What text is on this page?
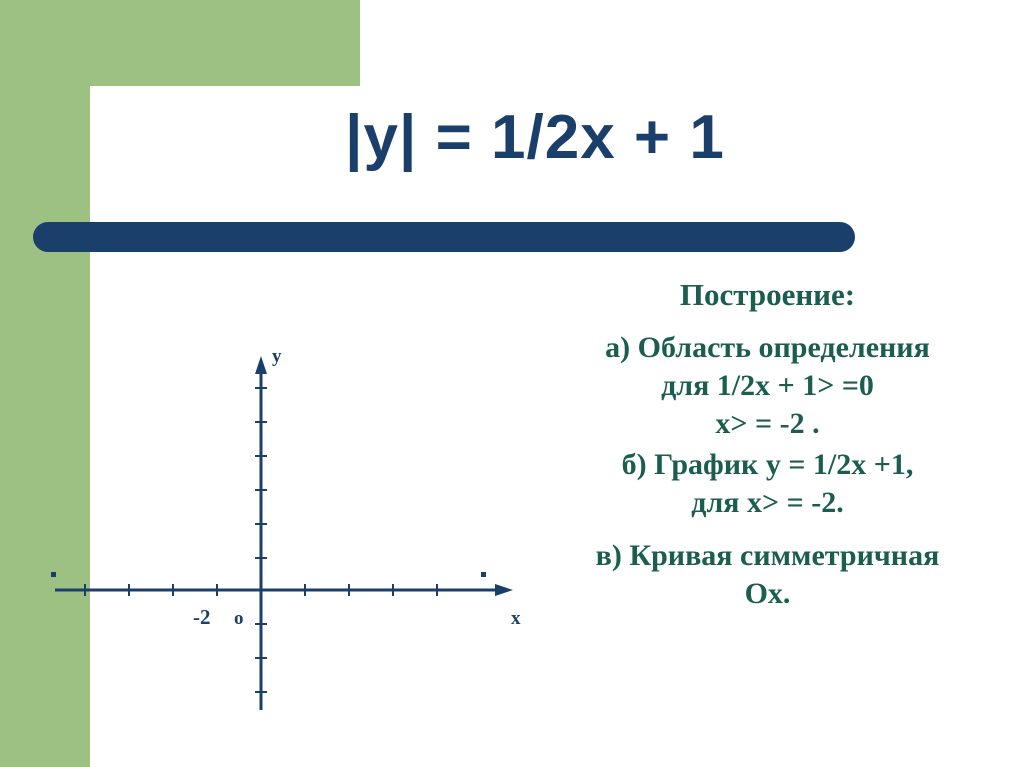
|y| = 1/2x + 1
Построение:
а) Область определения
для 1/2x + 1> =0
x> = -2 .
б) График y = 1/2x +1,
для x> = -2.
в) Кривая симметричная
Ox.
y
x
o
-2
